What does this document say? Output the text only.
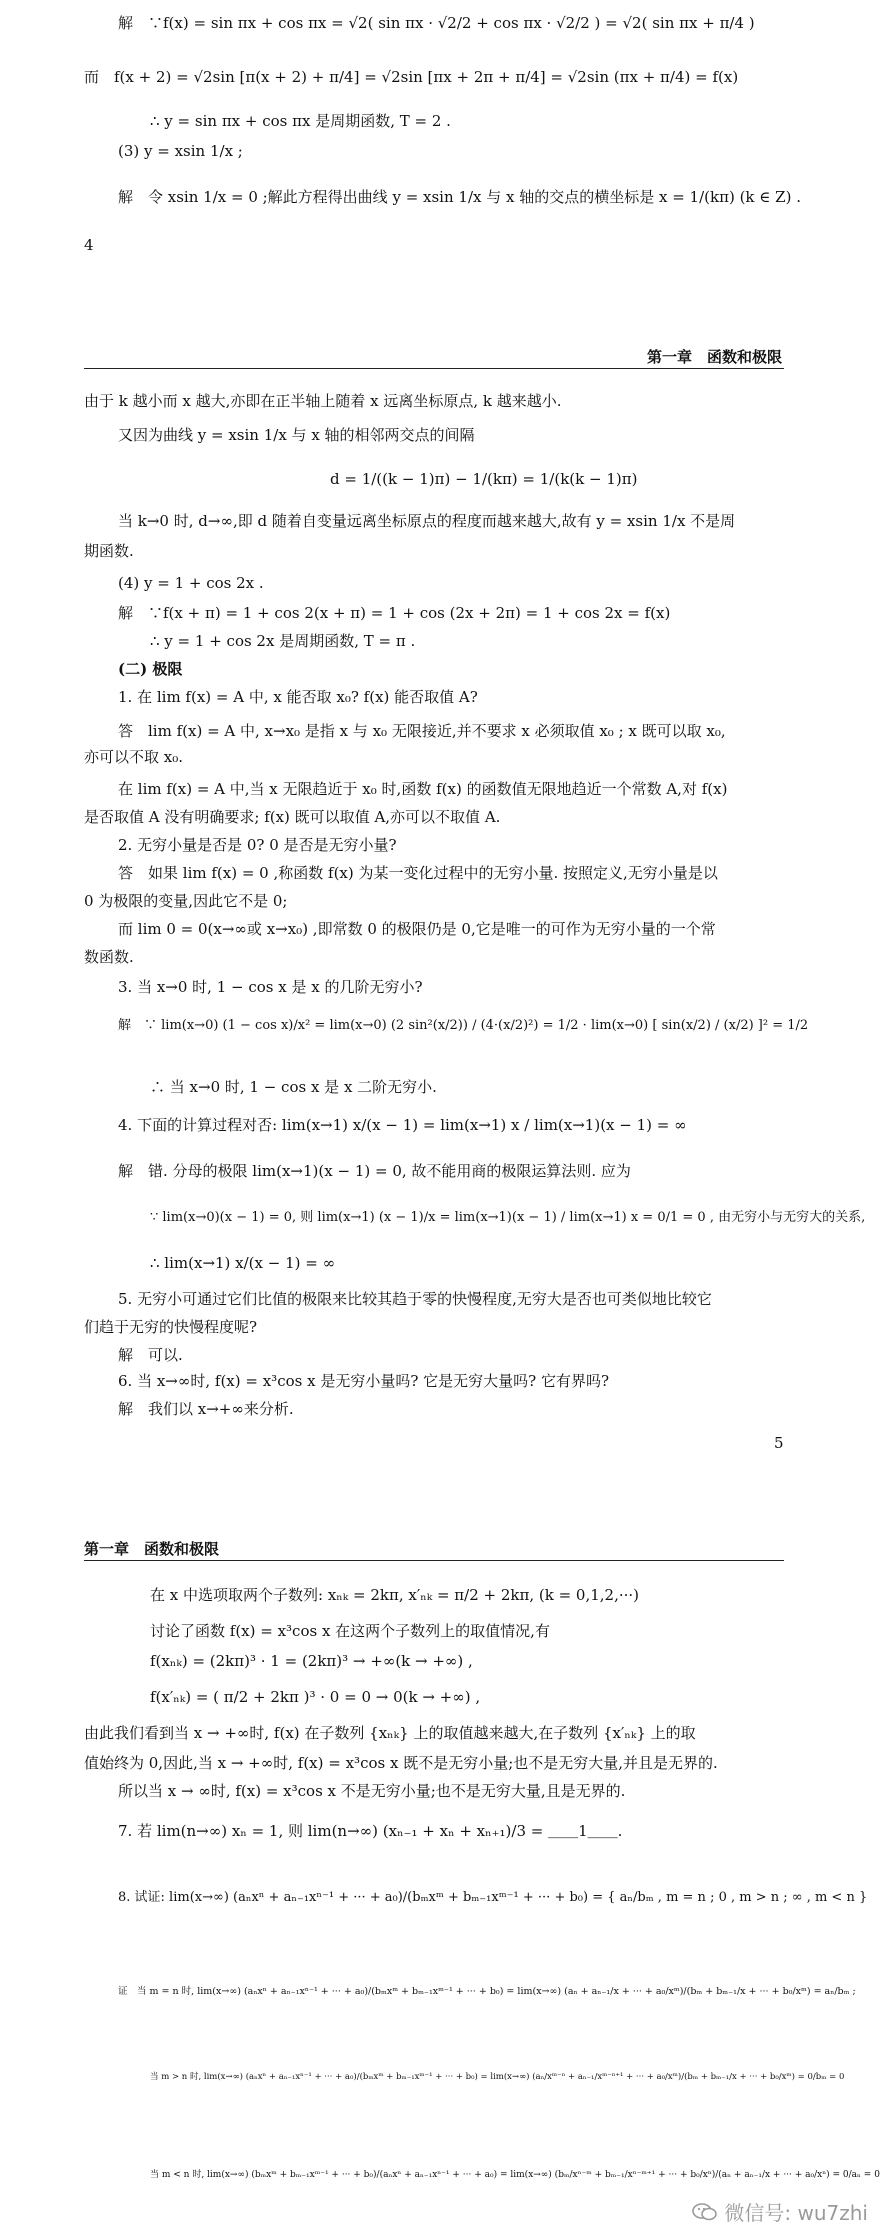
解　∵f(x) = sin πx + cos πx = √2( sin πx · √2/2 + cos πx · √2/2 ) = √2( sin πx + π/4 )
而　f(x + 2) = √2sin [π(x + 2) + π/4] = √2sin [πx + 2π + π/4] = √2sin (πx + π/4) = f(x)
∴ y = sin πx + cos πx 是周期函数, T = 2 .
(3) y = xsin 1/x ;
解　令 xsin 1/x = 0 ;解此方程得出曲线 y = xsin 1/x 与 x 轴的交点的横坐标是 x = 1/(kπ) (k ∈ Z) .
4
第一章　函数和极限
由于 k 越小而 x 越大,亦即在正半轴上随着 x 远离坐标原点, k 越来越小.
又因为曲线 y = xsin 1/x 与 x 轴的相邻两交点的间隔
d = 1/((k − 1)π) − 1/(kπ) = 1/(k(k − 1)π)
当 k→0 时, d→∞,即 d 随着自变量远离坐标原点的程度而越来越大,故有 y = xsin 1/x 不是周
期函数.
(4) y = 1 + cos 2x .
解　∵f(x + π) = 1 + cos 2(x + π) = 1 + cos (2x + 2π) = 1 + cos 2x = f(x)
∴ y = 1 + cos 2x 是周期函数, T = π .
(二) 极限
1. 在 lim f(x) = A 中, x 能否取 x₀? f(x) 能否取值 A?
答　lim f(x) = A 中, x→x₀ 是指 x 与 x₀ 无限接近,并不要求 x 必须取值 x₀ ; x 既可以取 x₀,
亦可以不取 x₀.
在 lim f(x) = A 中,当 x 无限趋近于 x₀ 时,函数 f(x) 的函数值无限地趋近一个常数 A,对 f(x)
是否取值 A 没有明确要求; f(x) 既可以取值 A,亦可以不取值 A.
2. 无穷小量是否是 0? 0 是否是无穷小量?
答　如果 lim f(x) = 0 ,称函数 f(x) 为某一变化过程中的无穷小量. 按照定义,无穷小量是以
0 为极限的变量,因此它不是 0;
而 lim 0 = 0(x→∞或 x→x₀) ,即常数 0 的极限仍是 0,它是唯一的可作为无穷小量的一个常
数函数.
3. 当 x→0 时, 1 − cos x 是 x 的几阶无穷小?
解　∵ lim(x→0) (1 − cos x)/x² = lim(x→0) (2 sin²(x/2)) / (4·(x/2)²) = 1/2 · lim(x→0) [ sin(x/2) / (x/2) ]² = 1/2
∴ 当 x→0 时, 1 − cos x 是 x 二阶无穷小.
4. 下面的计算过程对否: lim(x→1) x/(x − 1) = lim(x→1) x / lim(x→1)(x − 1) = ∞
解　错. 分母的极限 lim(x→1)(x − 1) = 0, 故不能用商的极限运算法则. 应为
∵ lim(x→0)(x − 1) = 0, 则 lim(x→1) (x − 1)/x = lim(x→1)(x − 1) / lim(x→1) x = 0/1 = 0 , 由无穷小与无穷大的关系,
∴ lim(x→1) x/(x − 1) = ∞
5. 无穷小可通过它们比值的极限来比较其趋于零的快慢程度,无穷大是否也可类似地比较它
们趋于无穷的快慢程度呢?
解　可以.
6. 当 x→∞时, f(x) = x³cos x 是无穷小量吗? 它是无穷大量吗? 它有界吗?
解　我们以 x→+∞来分析.
5
第一章　函数和极限
在 x 中选项取两个子数列: xₙₖ = 2kπ, x′ₙₖ = π/2 + 2kπ, (k = 0,1,2,···)
讨论了函数 f(x) = x³cos x 在这两个子数列上的取值情况,有
f(xₙₖ) = (2kπ)³ · 1 = (2kπ)³ → +∞(k → +∞) ,
f(x′ₙₖ) = ( π/2 + 2kπ )³ · 0 = 0 → 0(k → +∞) ,
由此我们看到当 x → +∞时, f(x) 在子数列 {xₙₖ} 上的取值越来越大,在子数列 {x′ₙₖ} 上的取
值始终为 0,因此,当 x → +∞时, f(x) = x³cos x 既不是无穷小量;也不是无穷大量,并且是无界的.
所以当 x → ∞时, f(x) = x³cos x 不是无穷小量;也不是无穷大量,且是无界的.
7. 若 lim(n→∞) xₙ = 1, 则 lim(n→∞) (xₙ₋₁ + xₙ + xₙ₊₁)/3 = ＿＿1＿＿.
8. 试证: lim(x→∞) (aₙxⁿ + aₙ₋₁xⁿ⁻¹ + ··· + a₀)/(bₘxᵐ + bₘ₋₁xᵐ⁻¹ + ··· + b₀) = { aₙ/bₘ , m = n ; 0 , m > n ; ∞ , m < n }
证　当 m = n 时, lim(x→∞) (aₙxⁿ + aₙ₋₁xⁿ⁻¹ + ··· + a₀)/(bₘxᵐ + bₘ₋₁xᵐ⁻¹ + ··· + b₀) = lim(x→∞) (aₙ + aₙ₋₁/x + ··· + a₀/xᵐ)/(bₘ + bₘ₋₁/x + ··· + b₀/xᵐ) = aₙ/bₘ ;
当 m > n 时, lim(x→∞) (aₙxⁿ + aₙ₋₁xⁿ⁻¹ + ··· + a₀)/(bₘxᵐ + bₘ₋₁xᵐ⁻¹ + ··· + b₀) = lim(x→∞) (aₙ/xᵐ⁻ⁿ + aₙ₋₁/xᵐ⁻ⁿ⁺¹ + ··· + a₀/xᵐ)/(bₘ + bₘ₋₁/x + ··· + b₀/xᵐ) = 0/bₘ = 0
当 m < n 时, lim(x→∞) (bₘxᵐ + bₘ₋₁xᵐ⁻¹ + ··· + b₀)/(aₙxⁿ + aₙ₋₁xⁿ⁻¹ + ··· + a₀) = lim(x→∞) (bₘ/xⁿ⁻ᵐ + bₘ₋₁/xⁿ⁻ᵐ⁺¹ + ··· + b₀/xⁿ)/(aₙ + aₙ₋₁/x + ··· + a₀/xⁿ) = 0/aₙ = 0
微信号: wu7zhi
